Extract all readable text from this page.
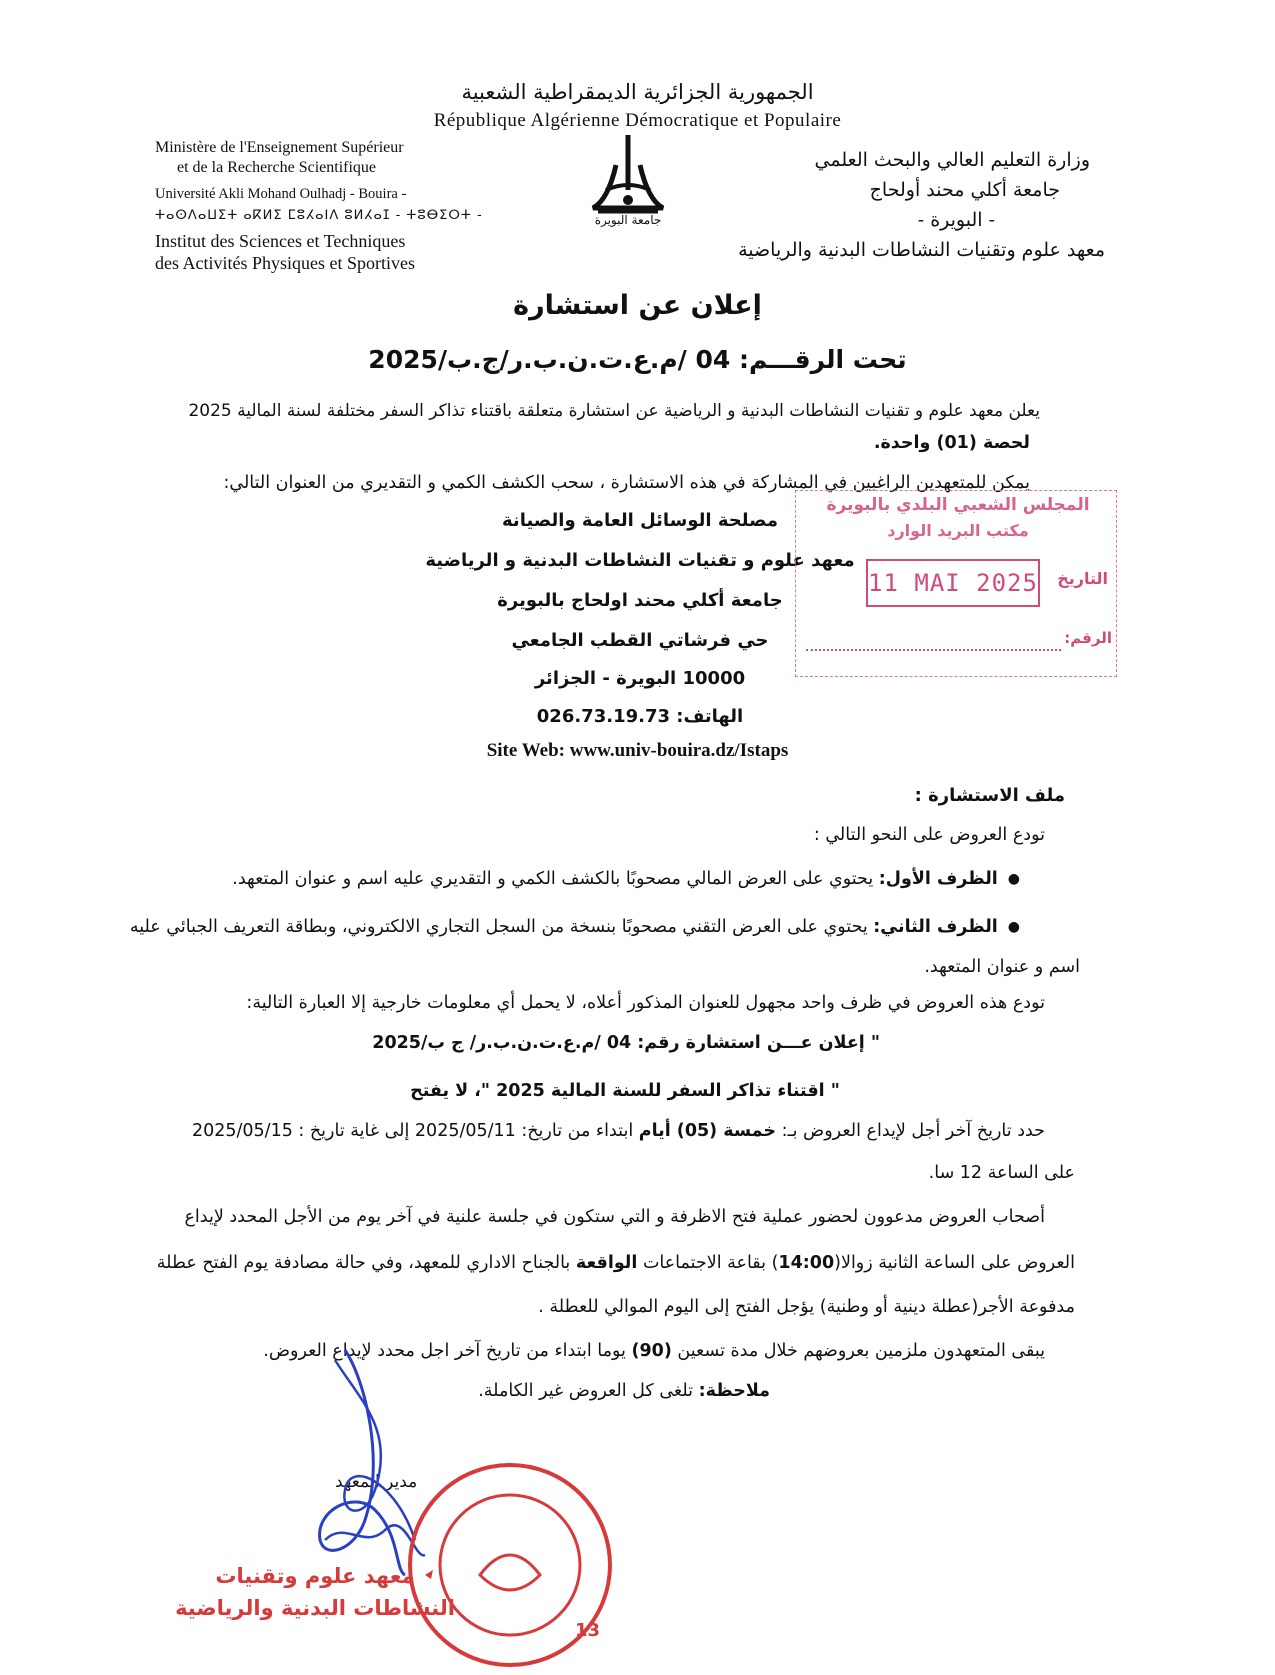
الجمهورية الجزائرية الديمقراطية الشعبية
République Algérienne Démocratique et Populaire
Ministère de l'Enseignement Supérieur
et de la Recherche Scientifique
Université Akli Mohand Oulhadj - Bouira -
ⵜⴰⵙⴷⴰⵡⵉⵜ ⴰⴽⵍⵉ ⵎⵓⵃⴰⵏⴷ ⵓⵍⵃⴰⵊ - ⵜⵓⴱⵉⵔⵜ -
Institut des Sciences et Techniques
des Activités Physiques et Sportives
جامعة البويرة
وزارة التعليم العالي والبحث العلمي
جامعة أكلي محند أولحاج
- البويرة -
معهد علوم وتقنيات النشاطات البدنية والرياضية
إعلان عن استشارة
تحت الرقـــم: 04 /م.ع.ت.ن.ب.ر/ج.ب/2025
يعلن معهد علوم و تقنيات النشاطات البدنية و الرياضية عن استشارة متعلقة باقتناء تذاكر السفر مختلفة لسنة المالية 2025
لحصة (01) واحدة.
يمكن للمتعهدين الراغبين في المشاركة في هذه الاستشارة ، سحب الكشف الكمي و التقديري من العنوان التالي:
مصلحة الوسائل العامة والصيانة
معهد علوم و تقنيات النشاطات البدنية و الرياضية
جامعة أكلي محند اولحاج بالبويرة
حي فرشاتي القطب الجامعي
10000 البويرة - الجزائر
الهاتف: 026.73.19.73
Site Web: www.univ-bouira.dz/Istaps
المجلس الشعبي البلدي بالبويرة
مكتب البريد الوارد
التاريخ
11 MAI 2025
الرقم:
ملف الاستشارة :
تودع العروض على النحو التالي :
● الظرف الأول: يحتوي على العرض المالي مصحوبًا بالكشف الكمي و التقديري عليه اسم و عنوان المتعهد.
● الظرف الثاني: يحتوي على العرض التقني مصحوبًا بنسخة من السجل التجاري الالكتروني، وبطاقة التعريف الجبائي عليه
اسم و عنوان المتعهد.
تودع هذه العروض في ظرف واحد مجهول للعنوان المذكور أعلاه، لا يحمل أي معلومات خارجية إلا العبارة التالية:
" إعلان عـــن استشارة رقم: 04 /م.ع.ت.ن.ب.ر/ ج ب/2025
" اقتناء تذاكر السفر للسنة المالية 2025 "، لا يفتح
حدد تاريخ آخر أجل لإيداع العروض بـ: خمسة (05) أيام ابتداء من تاريخ: 2025/05/11 إلى غاية تاريخ : 2025/05/15
على الساعة 12 سا.
أصحاب العروض مدعوون لحضور عملية فتح الاظرفة و التي ستكون في جلسة علنية في آخر يوم من الأجل المحدد لإيداع
العروض على الساعة الثانية زوالا(14:00) بقاعة الاجتماعات الواقعة بالجناح الاداري للمعهد، وفي حالة مصادفة يوم الفتح عطلة
مدفوعة الأجر(عطلة دينية أو وطنية) يؤجل الفتح إلى اليوم الموالي للعطلة .
يبقى المتعهدون ملزمين بعروضهم خلال مدة تسعين (90) يوما ابتداء من تاريخ آخر اجل محدد لإيداع العروض.
ملاحظة: تلغى كل العروض غير الكاملة.
مدير المعهد
13
معهد علوم وتقنيات
النشاطات البدنية والرياضية
